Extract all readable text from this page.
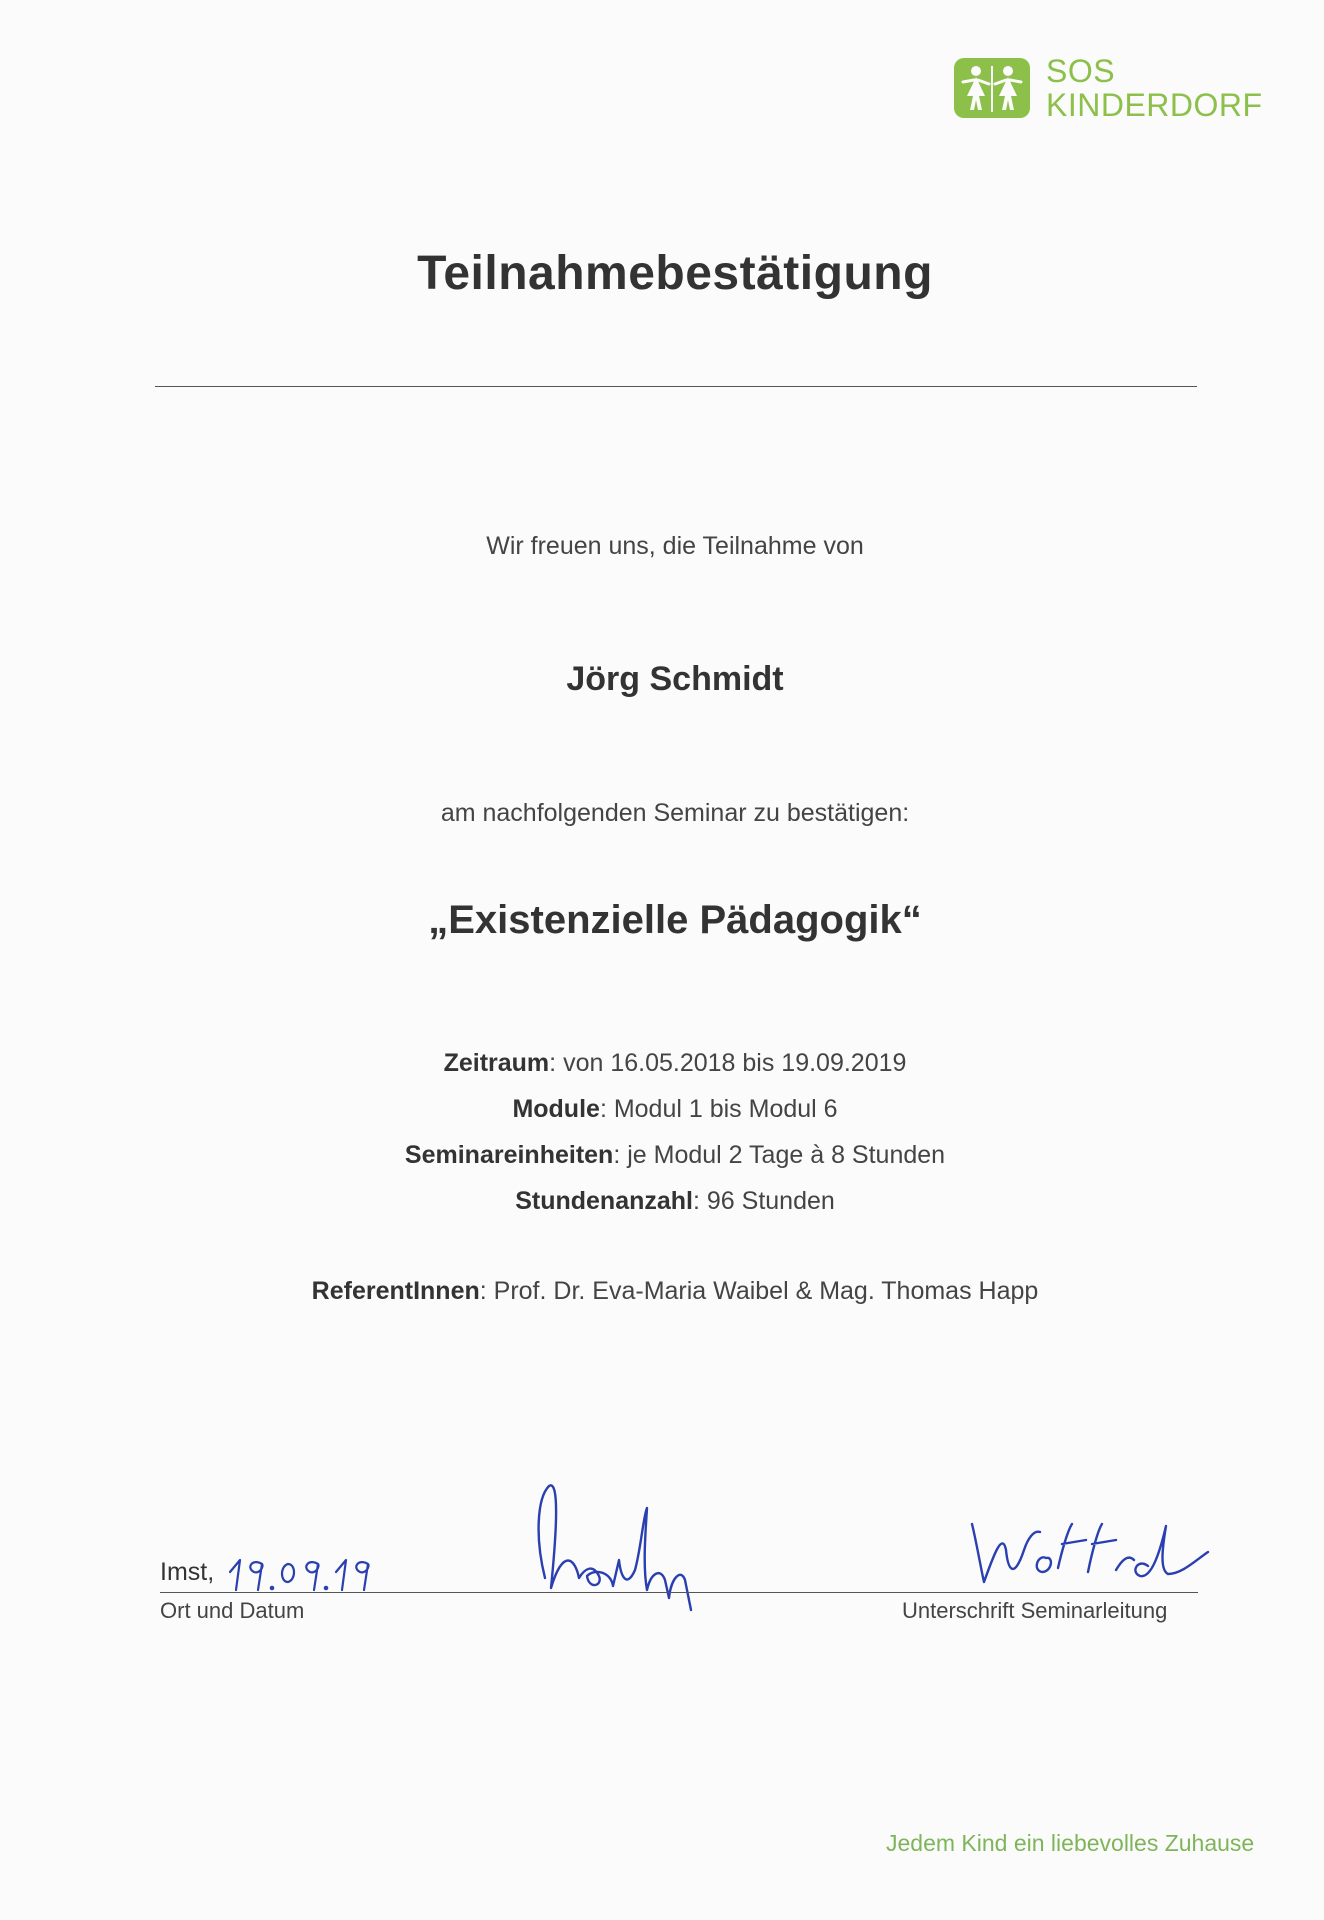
SOS
KINDERDORF
Teilnahmebestätigung
Wir freuen uns, die Teilnahme von
Jörg Schmidt
am nachfolgenden Seminar zu bestätigen:
„Existenzielle Pädagogik“
Zeitraum: von 16.05.2018 bis 19.09.2019
Module: Modul 1 bis Modul 6
Seminareinheiten: je Modul 2 Tage à 8 Stunden
Stundenanzahl: 96 Stunden
ReferentInnen: Prof. Dr. Eva-Maria Waibel & Mag. Thomas Happ
Imst,
Ort und Datum	Unterschrift Seminarleitung
Jedem Kind ein liebevolles Zuhause
